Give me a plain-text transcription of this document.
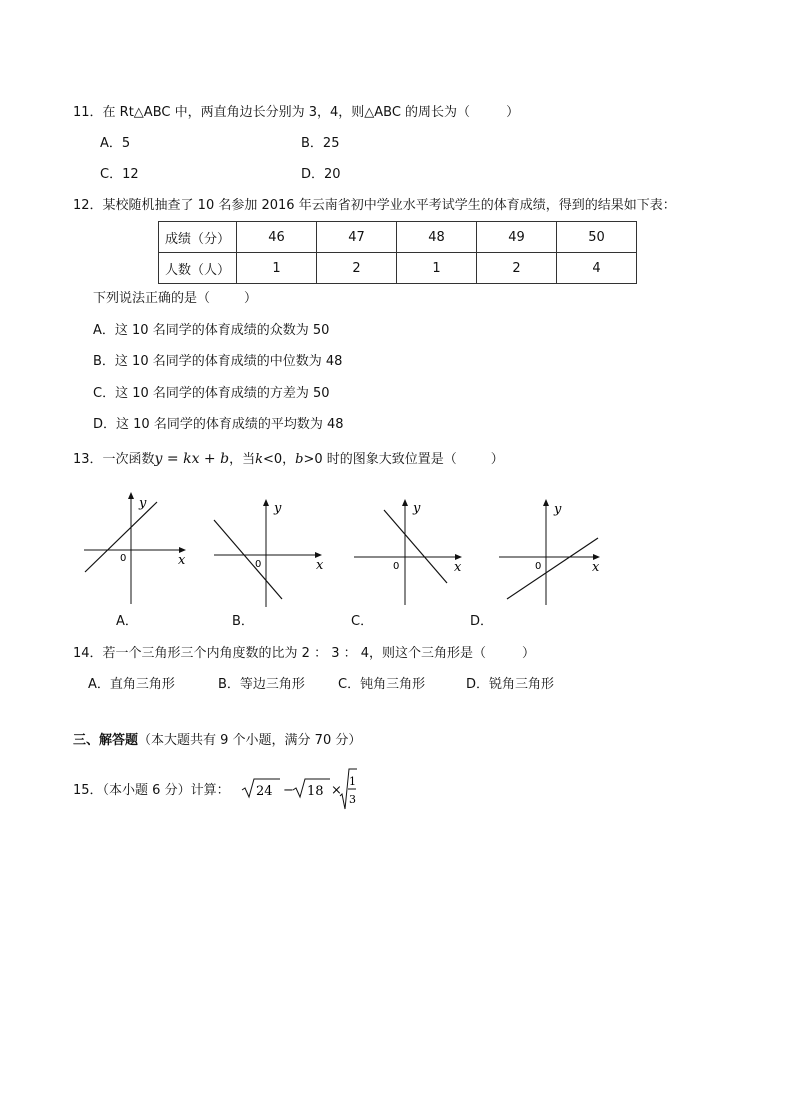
11．在 Rt△ABC 中，两直角边长分别为 3，4，则△ABC 的周长为（	）
A．5	B．25
C．12	D．20
12．某校随机抽查了 10 名参加 2016 年云南省初中学业水平考试学生的体育成绩，得到的结果如下表：
成绩（分）	46	47	48	49	50
人数（人）	1	2	1	2	4
下列说法正确的是（	）
A．这 10 名同学的体育成绩的众数为 50
B．这 10 名同学的体育成绩的中位数为 48
C．这 10 名同学的体育成绩的方差为 50
D．这 10 名同学的体育成绩的平均数为 48
13．一次函数y = kx + b，当k<0，b>0 时的图象大致位置是（	）
y
x
0
y
x
0
y
x
0
y
x
0
A．	B．	C．	D．
14．若一个三角形三个内角度数的比为 2 ： 3 ： 4，则这个三角形是（	）
A．直角三角形	B．等边三角形	C．钝角三角形	D．锐角三角形
三、解答题（本大题共有 9 个小题，满分 70 分）
15．（本小题 6 分）计算： 24 − 18 ×
1
3
